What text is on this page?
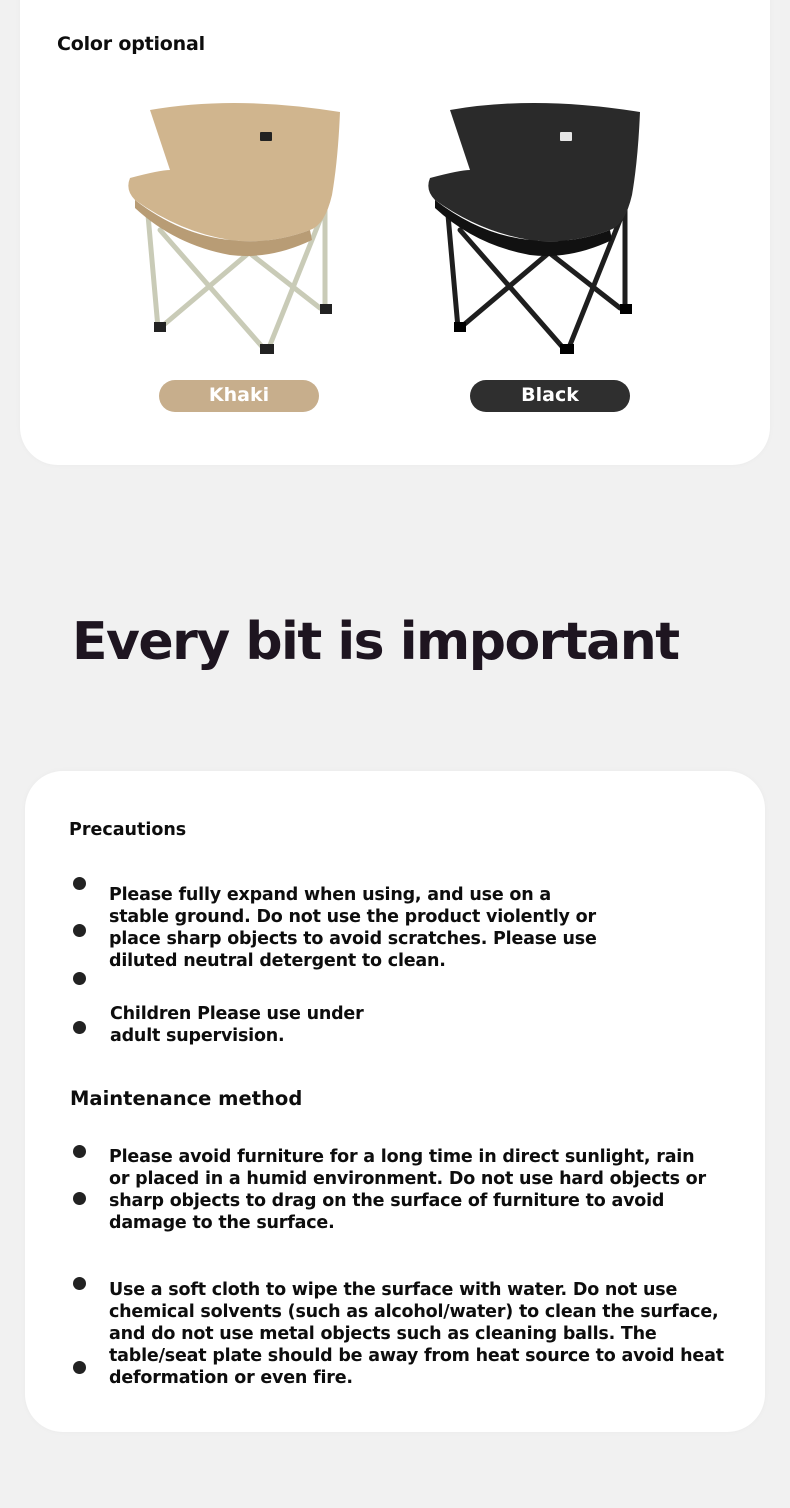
Color optional
Khaki	Black
Every bit is important
Precautions
Please fully expand when using, and use on a stable ground. Do not use the product violently or place sharp objects to avoid scratches. Please use diluted neutral detergent to clean.
Children Please use under adult supervision.
Maintenance method
Please avoid furniture for a long time in direct sunlight, rain or placed in a humid environment. Do not use hard objects or sharp objects to drag on the surface of furniture to avoid damage to the surface.
Use a soft cloth to wipe the surface with water. Do not use chemical solvents (such as alcohol/water) to clean the surface, and do not use metal objects such as cleaning balls. The table/seat plate should be away from heat source to avoid heat deformation or even fire.
